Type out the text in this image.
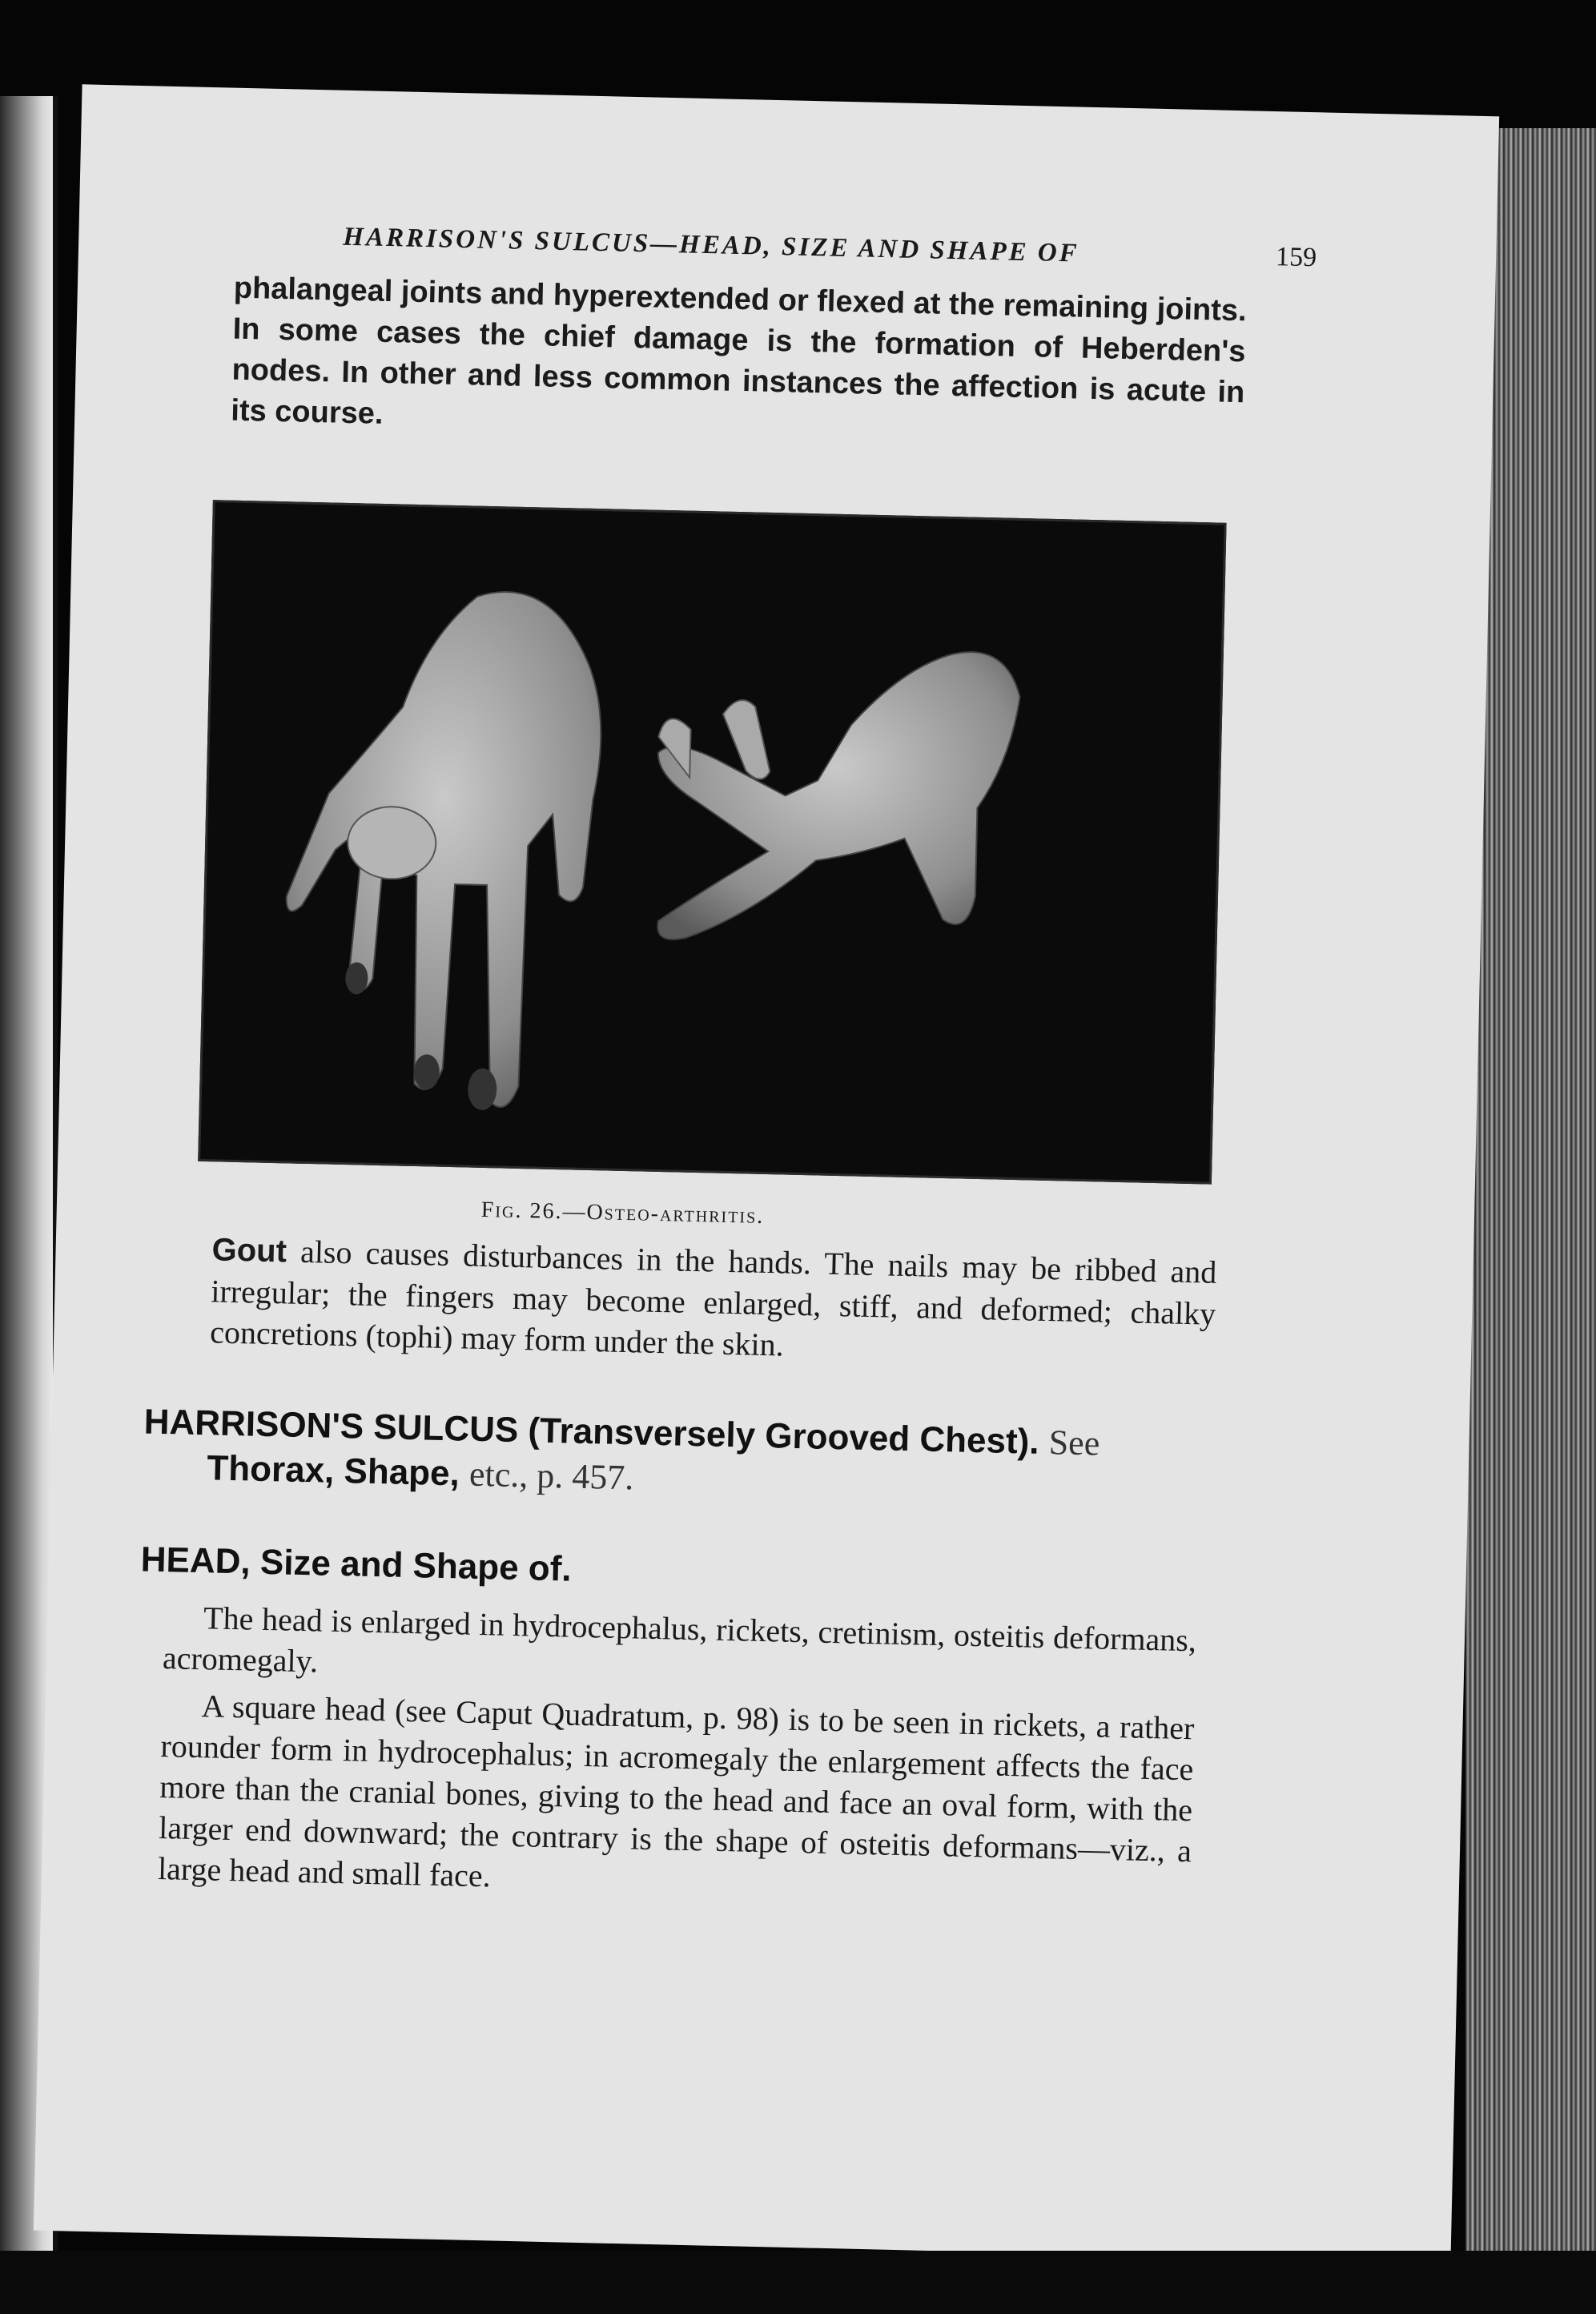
HARRISON'S SULCUS—HEAD, SIZE AND SHAPE OF	159

phalangeal joints and hyperextended or flexed at the remaining joints. In some cases the chief damage is the formation of Heberden's nodes. In other and less common instances the affection is acute in its course.

Fig. 26.—Osteo-arthritis.

Gout also causes disturbances in the hands. The nails may be ribbed and irregular; the fingers may become enlarged, stiff, and deformed; chalky concretions (tophi) may form under the skin.

HARRISON'S SULCUS (Transversely Grooved Chest). See
Thorax, Shape, etc., p. 457.
HEAD, Size and Shape of.

The head is enlarged in hydrocephalus, rickets, cretinism, osteitis deformans, acromegaly.

A square head (see Caput Quadratum, p. 98) is to be seen in rickets, a rather rounder form in hydrocephalus; in acromegaly the enlargement affects the face more than the cranial bones, giving to the head and face an oval form, with the larger end downward; the contrary is the shape of osteitis deformans—viz., a large head and small face.
